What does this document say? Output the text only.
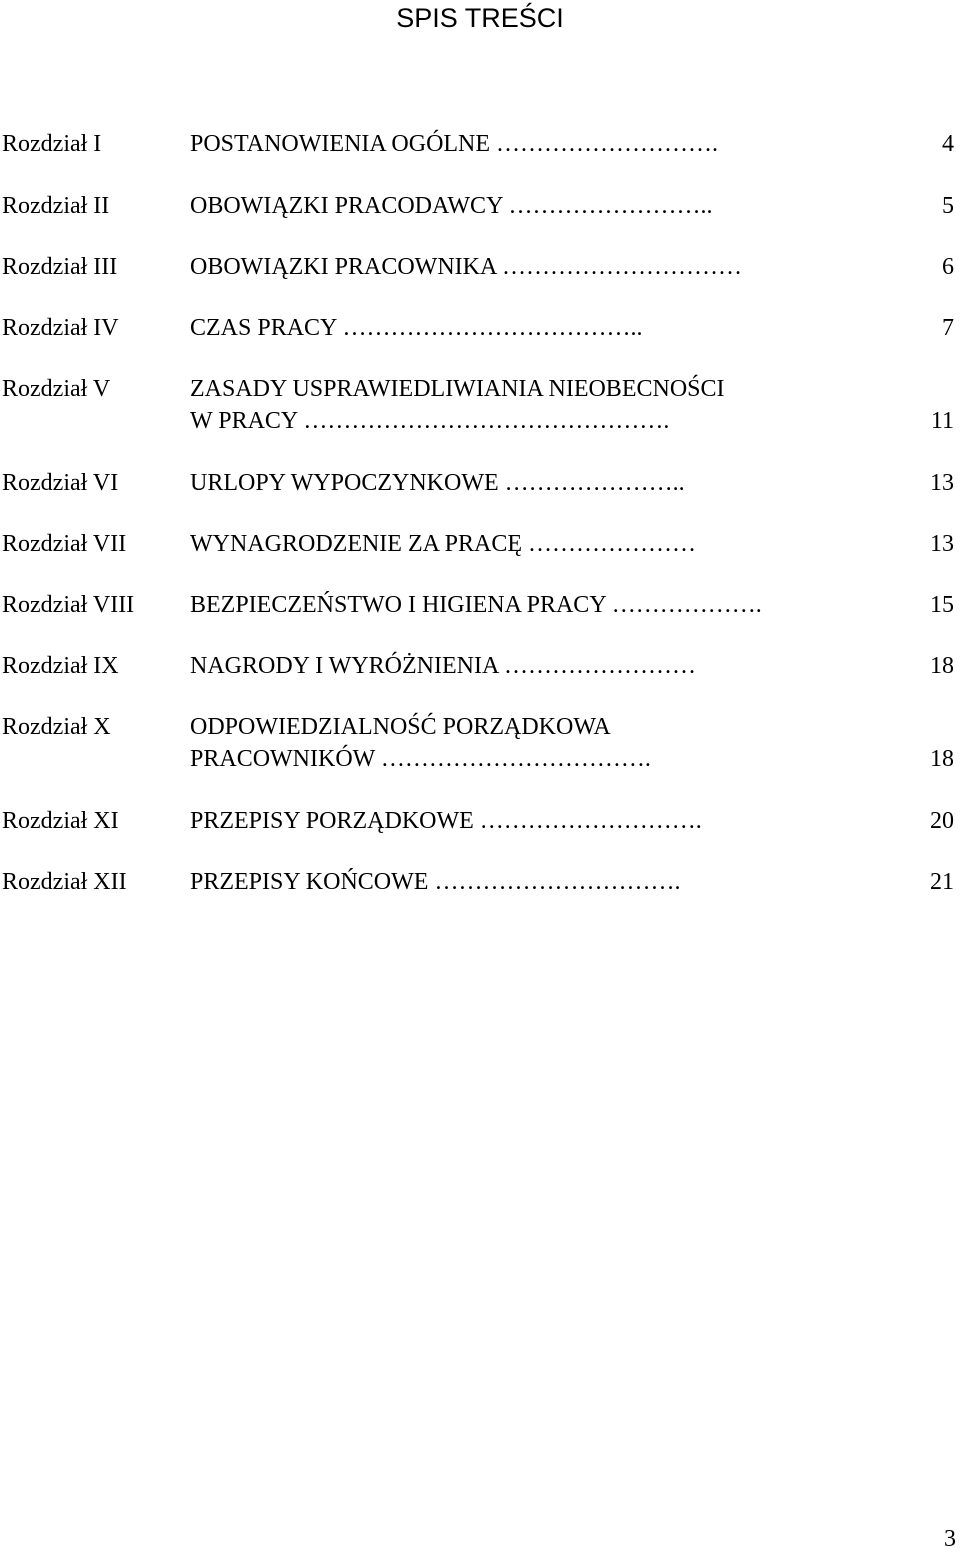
SPIS TREŚCI
Rozdział I	POSTANOWIENIA OGÓLNE ……………………….	4
Rozdział II	OBOWIĄZKI PRACODAWCY ……………………..	5
Rozdział III	OBOWIĄZKI PRACOWNIKA …………………………	6
Rozdział IV	CZAS PRACY ………………………………..	7
Rozdział V	ZASADY USPRAWIEDLIWIANIA NIEOBECNOŚCI
W PRACY ……………………………………….	11
Rozdział VI	URLOPY WYPOCZYNKOWE …………………..	13
Rozdział VII	WYNAGRODZENIE ZA PRACĘ …………………	13
Rozdział VIII BEZPIECZEŃSTWO I HIGIENA PRACY ……………….	15
Rozdział IX	NAGRODY I WYRÓŻNIENIA ……………………	18
Rozdział X	ODPOWIEDZIALNOŚĆ PORZĄDKOWA
PRACOWNIKÓW …………………………….	18
Rozdział XI	PRZEPISY PORZĄDKOWE ……………………….	20
Rozdział XII	PRZEPISY KOŃCOWE ………………………….	21
3
